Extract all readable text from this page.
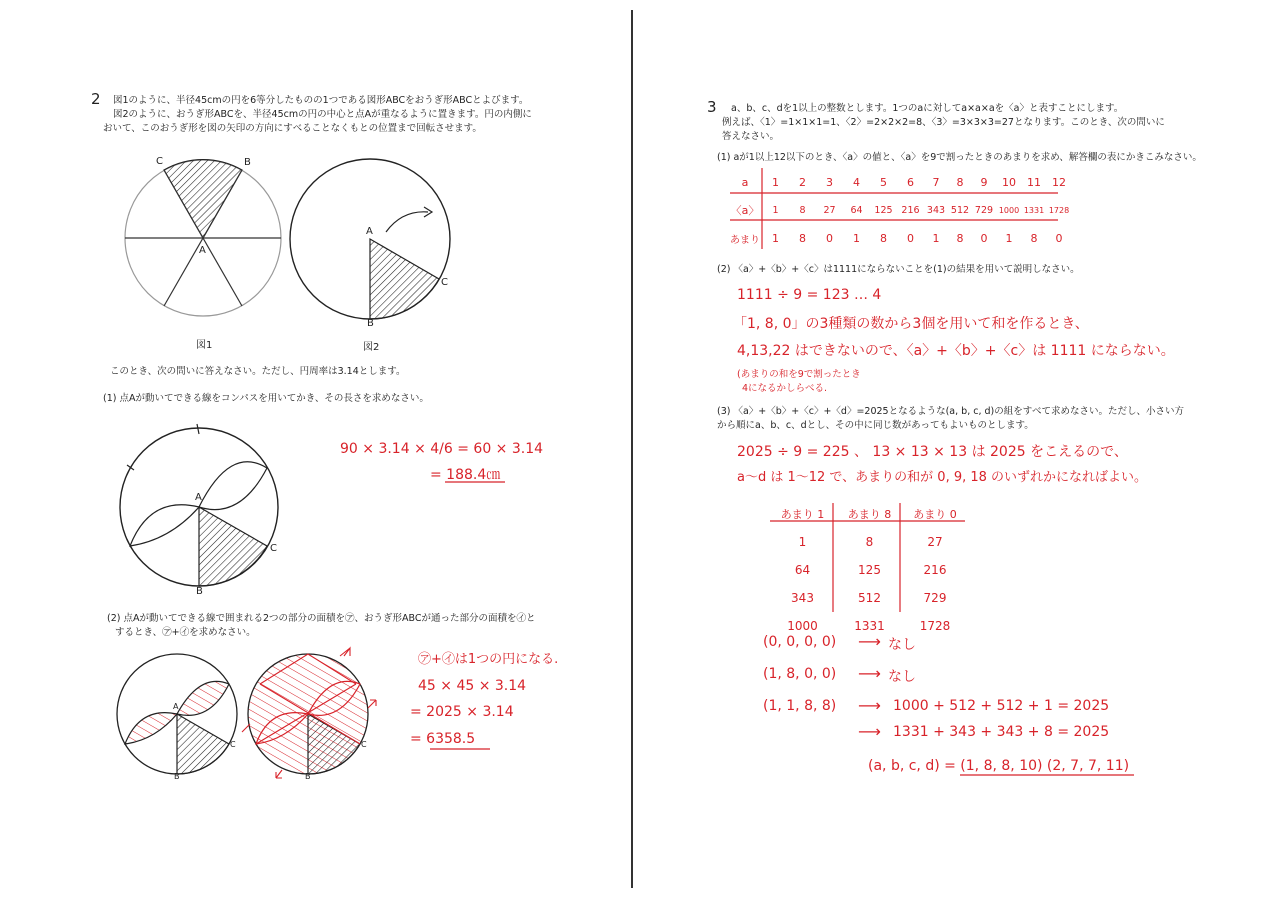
2 図1のように、半径45cmの円を6等分したものの1つである図形ABCをおうぎ形ABCとよびます。
図2のように、おうぎ形ABCを、半径45cmの円の中心と点Aが重なるように置きます。円の内側に
おいて、このおうぎ形を図の矢印の方向にすべることなくもとの位置まで回転させます。
C	B
A
図1
A
C
B
図2
このとき、次の問いに答えなさい。ただし、円周率は3.14とします。
(1) 点Aが動いてできる線をコンパスを用いてかき、その長さを求めなさい。
A
C
B
90 × 3.14 × 4/6 = 60 × 3.14
= 188.4㎝
(2) 点Aが動いてできる線で囲まれる2つの部分の面積を㋐、おうぎ形ABCが通った部分の面積を㋑と
するとき、㋐+㋑を求めなさい。
A
C
B
C
B
㋐+㋑は1つの円になる.
45 × 45 × 3.14
= 2025 × 3.14
= 6358.5
3 a、b、c、dを1以上の整数とします。1つのaに対してa×a×aを〈a〉と表すことにします。
例えば、〈1〉=1×1×1=1、〈2〉=2×2×2=8、〈3〉=3×3×3=27となります。このとき、次の問いに
答えなさい。
(1) aが1以上12以下のとき、〈a〉の値と、〈a〉を9で割ったときのあまりを求め、解答欄の表にかきこみなさい。
a	1	2	3	4	5	6	7	8	9	10	11	12
〈a〉	1	8	27	64	125	216	343	512	729	1000	1331	1728
あまり	1	8	0	1	8	0	1	8	0	1	8	0
(2) 〈a〉+〈b〉+〈c〉は1111にならないことを(1)の結果を用いて説明しなさい。
1111 ÷ 9 = 123 … 4
「1, 8, 0」の3種類の数から3個を用いて和を作るとき、
4,13,22 はできないので、〈a〉+〈b〉+〈c〉は 1111 にならない。
(あまりの和を9で割ったとき
4になるかしらべる.
(3) 〈a〉+〈b〉+〈c〉+〈d〉=2025となるような(a, b, c, d)の組をすべて求めなさい。ただし、小さい方
から順にa、b、c、dとし、その中に同じ数があってもよいものとします。
2025 ÷ 9 = 225 、 13 × 13 × 13 は 2025 をこえるので、
a〜d は 1〜12 で、あまりの和が 0, 9, 18 のいずれかになればよい。
あまり 1	あまり 8	あまり 0
1	8	27
64	125	216
343	512	729
1000	1331	1728
(0, 0, 0, 0) ⟶ なし
(1, 8, 0, 0) ⟶ なし
(1, 1, 8, 8) ⟶ 1000 + 512 + 512 + 1 = 2025
⟶ 1331 + 343 + 343 + 8 = 2025
(a, b, c, d) = (1, 8, 8, 10) (2, 7, 7, 11)
